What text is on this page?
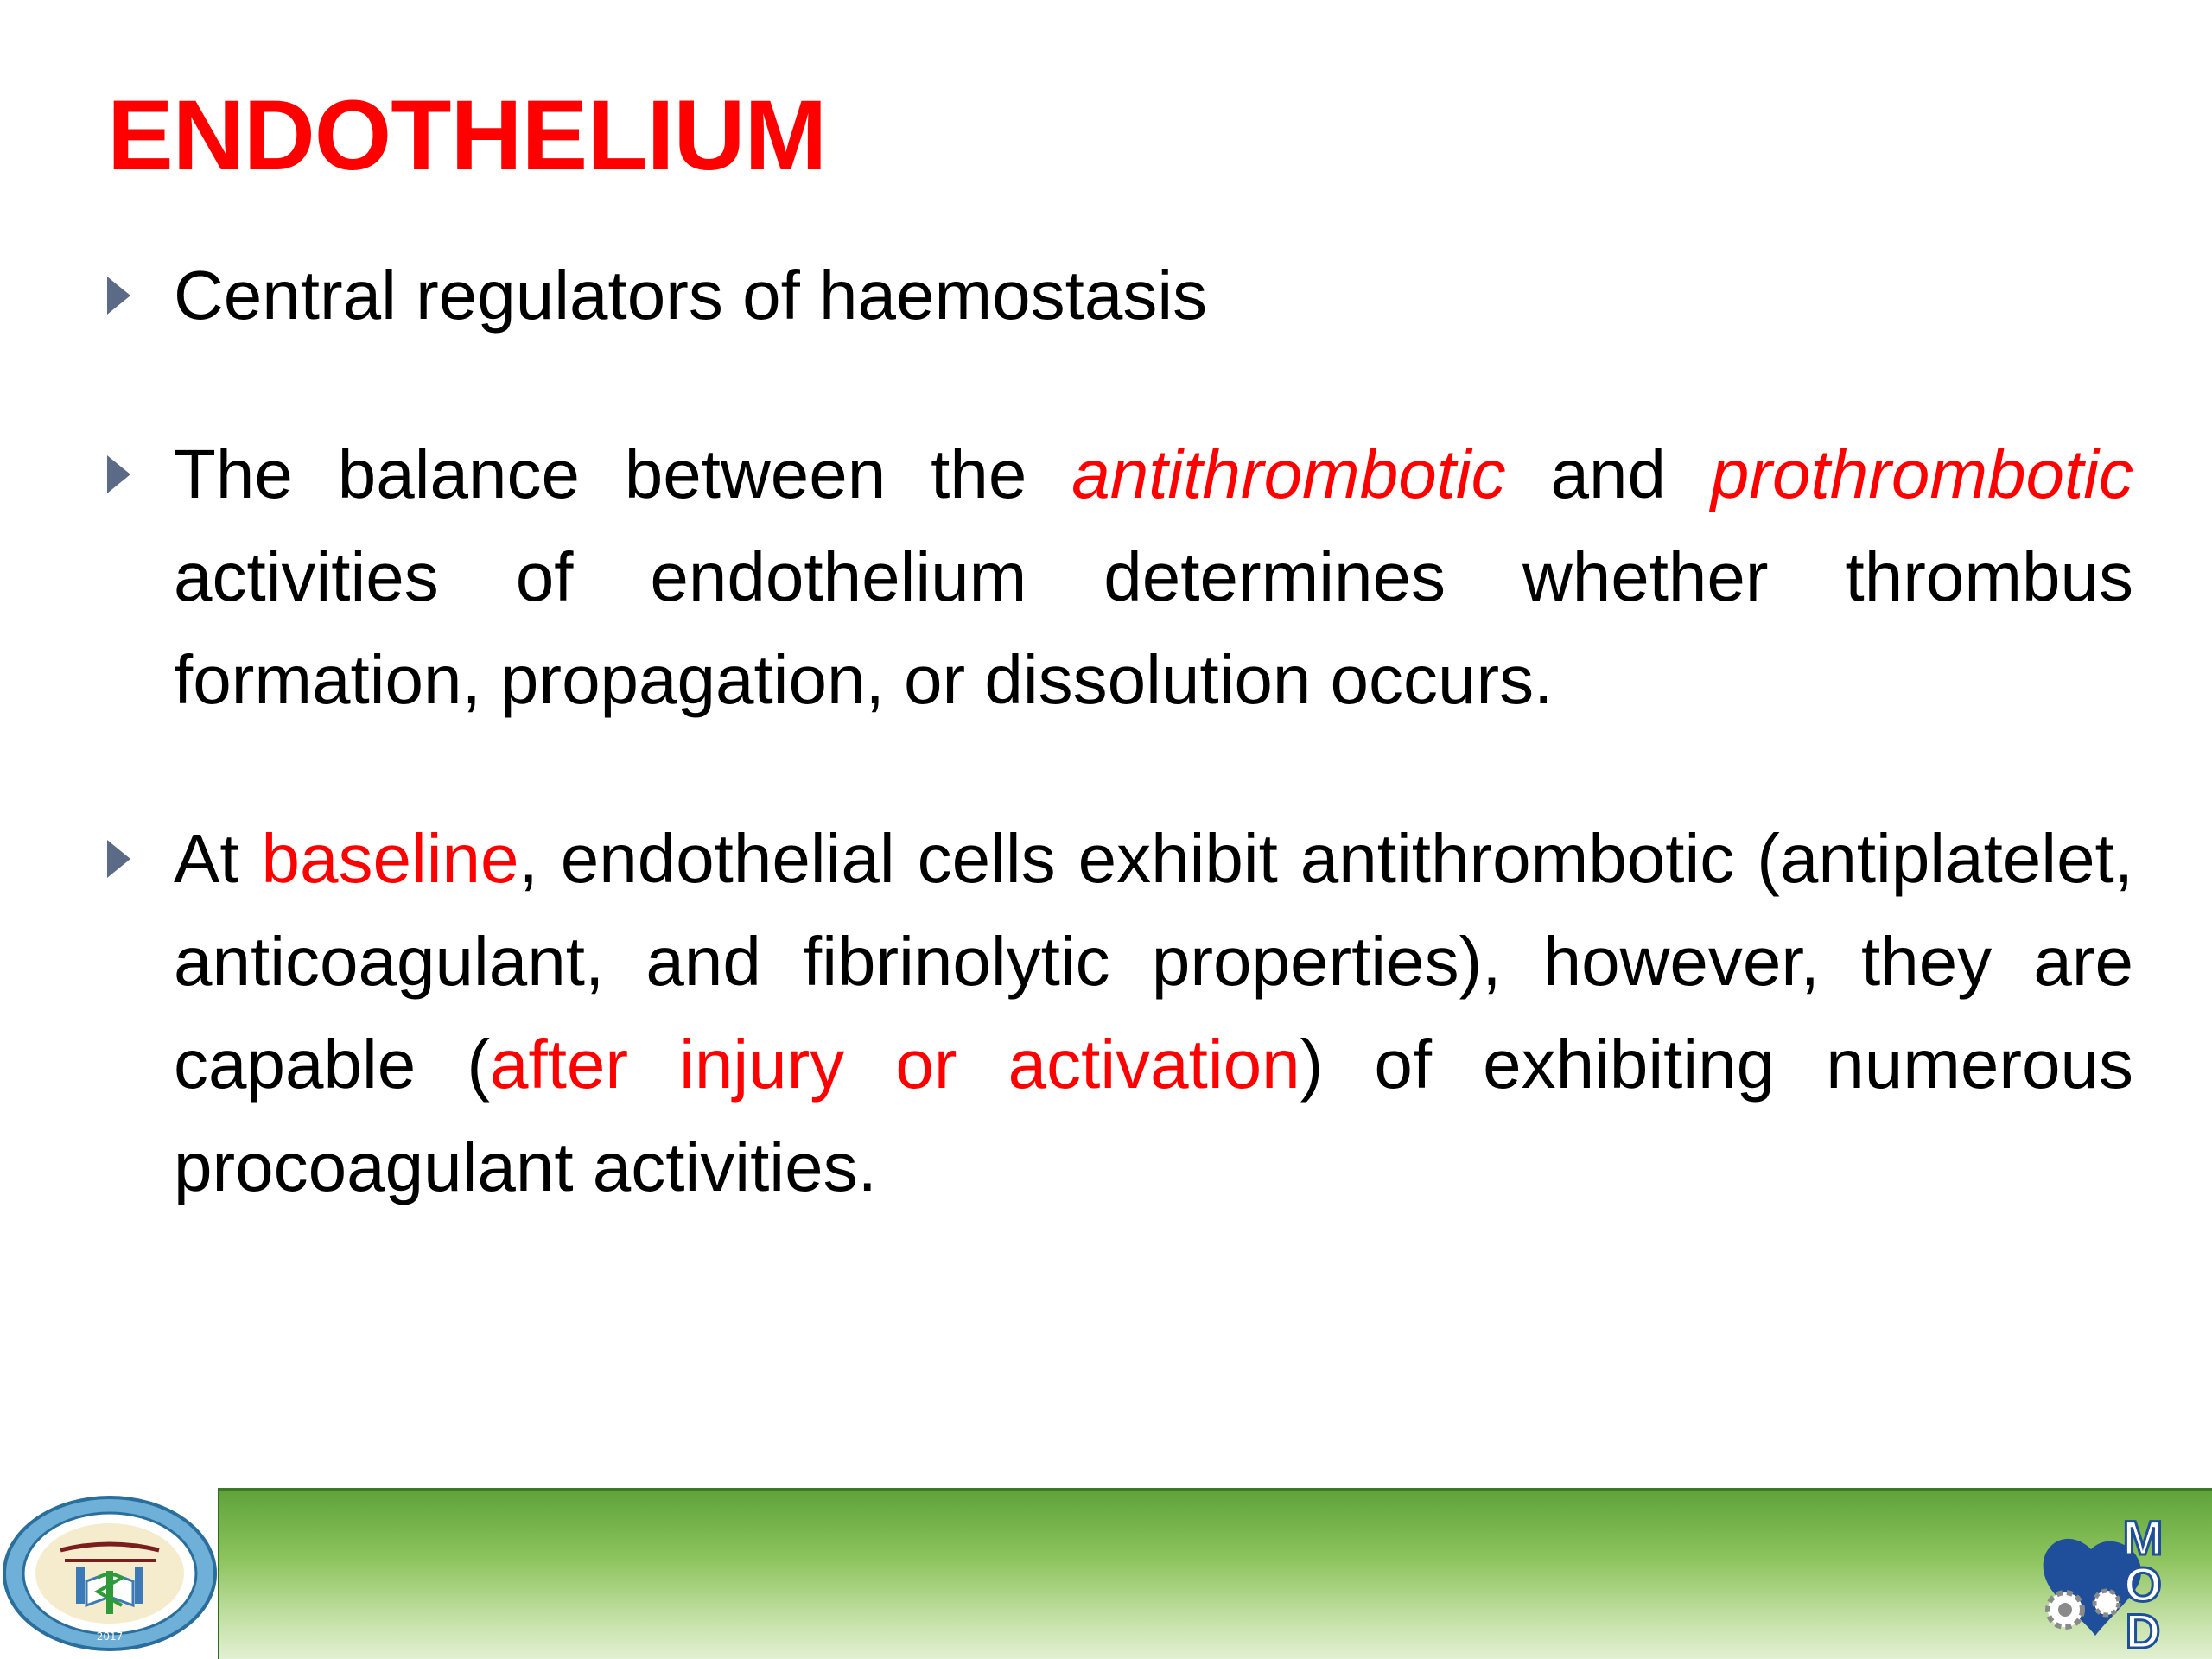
ENDOTHELIUM
Central regulators of haemostasis
The balance between the antithrombotic and prothrombotic activities of endothelium determines whether thrombus formation, propagation, or dissolution occurs.
At baseline, endothelial cells exhibit antithrombotic (antiplatelet, anticoagulant, and fibrinolytic properties), however, they are capable (after injury or activation) of exhibiting numerous procoagulant activities.
2017
M
O
D
